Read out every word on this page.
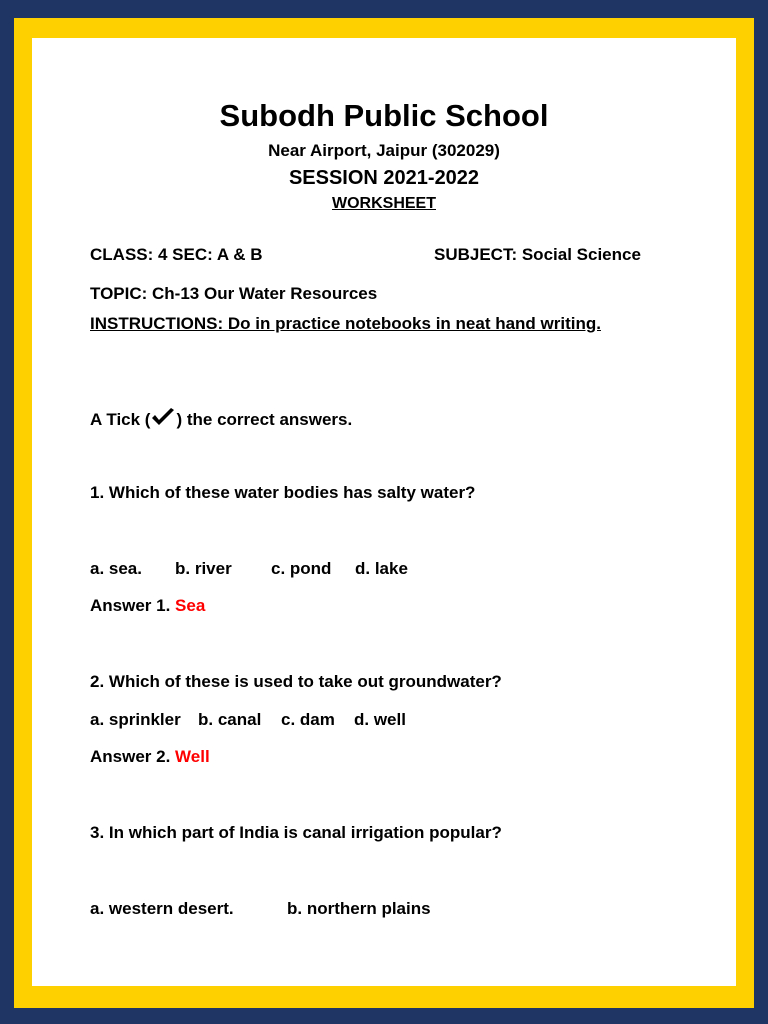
Subodh Public School
Near Airport, Jaipur (302029)
SESSION 2021-2022
WORKSHEET
CLASS: 4 SEC: A & B	SUBJECT: Social Science
TOPIC: Ch-13 Our Water Resources
INSTRUCTIONS: Do in practice notebooks in neat hand writing.
A Tick ( ) the correct answers.
1. Which of these water bodies has salty water?
a. sea. b. river c. pond d. lake
Answer 1. Sea
2. Which of these is used to take out groundwater?
a. sprinkler b. canal c. dam d. well
Answer 2. Well
3. In which part of India is canal irrigation popular?
a. western desert.	b. northern plains
